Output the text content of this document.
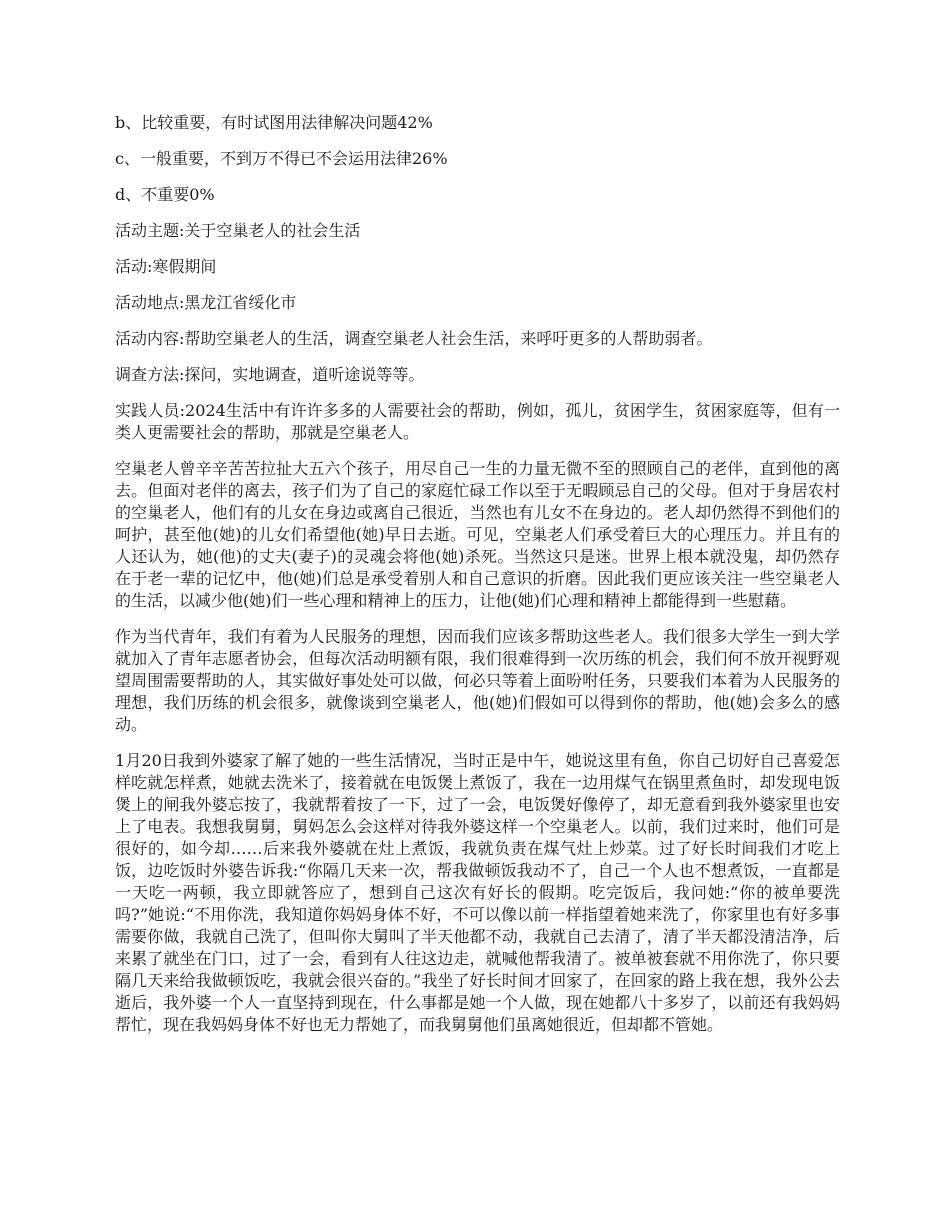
b、比较重要，有时试图用法律解决问题42%

c、一般重要，不到万不得已不会运用法律26%

d、不重要0%

活动主题:关于空巢老人的社会生活

活动:寒假期间

活动地点:黑龙江省绥化市

活动内容:帮助空巢老人的生活，调查空巢老人社会生活，来呼吁更多的人帮助弱者。

调查方法:探问，实地调查，道听途说等等。

实践人员:2024生活中有许许多多的人需要社会的帮助，例如，孤儿，贫困学生，贫困家庭等，但有一类人更需要社会的帮助，那就是空巢老人。

空巢老人曾辛辛苦苦拉扯大五六个孩子，用尽自己一生的力量无微不至的照顾自己的老伴，直到他的离去。但面对老伴的离去，孩子们为了自己的家庭忙碌工作以至于无暇顾忌自己的父母。但对于身居农村的空巢老人，他们有的儿女在身边或离自己很近，当然也有儿女不在身边的。老人却仍然得不到他们的呵护，甚至他(她)的儿女们希望他(她)早日去逝。可见，空巢老人们承受着巨大的心理压力。并且有的人还认为，她(他)的丈夫(妻子)的灵魂会将他(她)杀死。当然这只是迷。世界上根本就没鬼，却仍然存在于老一辈的记忆中，他(她)们总是承受着别人和自己意识的折磨。因此我们更应该关注一些空巢老人的生活，以减少他(她)们一些心理和精神上的压力，让他(她)们心理和精神上都能得到一些慰藉。

作为当代青年，我们有着为人民服务的理想，因而我们应该多帮助这些老人。我们很多大学生一到大学就加入了青年志愿者协会，但每次活动明额有限，我们很难得到一次历练的机会，我们何不放开视野观望周围需要帮助的人，其实做好事处处可以做，何必只等着上面吩咐任务，只要我们本着为人民服务的理想，我们历练的机会很多，就像谈到空巢老人，他(她)们假如可以得到你的帮助，他(她)会多么的感动。

1月20日我到外婆家了解了她的一些生活情况，当时正是中午，她说这里有鱼，你自己切好自己喜爱怎样吃就怎样煮，她就去洗米了，接着就在电饭煲上煮饭了，我在一边用煤气在锅里煮鱼时，却发现电饭煲上的闸我外婆忘按了，我就帮着按了一下，过了一会，电饭煲好像停了，却无意看到我外婆家里也安上了电表。我想我舅舅，舅妈怎么会这样对待我外婆这样一个空巢老人。以前，我们过来时，他们可是很好的，如今却……后来我外婆就在灶上煮饭，我就负责在煤气灶上炒菜。过了好长时间我们才吃上饭，边吃饭时外婆告诉我:“你隔几天来一次，帮我做顿饭我动不了，自己一个人也不想煮饭，一直都是一天吃一两顿，我立即就答应了，想到自己这次有好长的假期。吃完饭后，我问她:“你的被单要洗吗?”她说:“不用你洗，我知道你妈妈身体不好，不可以像以前一样指望着她来洗了，你家里也有好多事需要你做，我就自己洗了，但叫你大舅叫了半天他都不动，我就自己去清了，清了半天都没清洁净，后来累了就坐在门口，过了一会，看到有人往这边走，就喊他帮我清了。被单被套就不用你洗了，你只要隔几天来给我做顿饭吃，我就会很兴奋的。”我坐了好长时间才回家了，在回家的路上我在想，我外公去逝后，我外婆一个人一直坚持到现在，什么事都是她一个人做，现在她都八十多岁了，以前还有我妈妈帮忙，现在我妈妈身体不好也无力帮她了，而我舅舅他们虽离她很近，但却都不管她。
